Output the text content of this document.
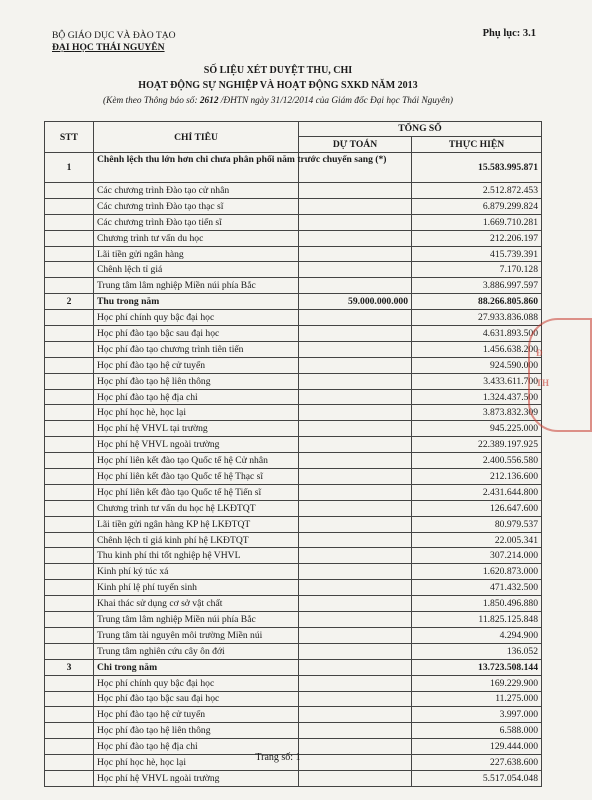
BỘ GIÁO DỤC VÀ ĐÀO TẠO
ĐẠI HỌC THÁI NGUYÊN
Phụ lục: 3.1
SỐ LIỆU XÉT DUYỆT THU, CHI
HOẠT ĐỘNG SỰ NGHIỆP VÀ HOẠT ĐỘNG SXKD NĂM 2013
(Kèm theo Thông báo số: 2612 /ĐHTN ngày 31/12/2014 của Giám đốc Đại học Thái Nguyên)
STT	CHỈ TIÊU	TỔNG SỐ	
		DỰ TOÁN	THỰC HIỆN
1	Chênh lệch thu lớn hơn chi chưa phân phối năm trước chuyển sang (*)		15.583.995.871
	Các chương trình Đào tạo cử nhân		2.512.872.453
	Các chương trình Đào tạo thạc sĩ		6.879.299.824
	Các chương trình Đào tạo tiến sĩ		1.669.710.281
	Chương trình tư vấn du học		212.206.197
	Lãi tiền gửi ngân hàng		415.739.391
	Chênh lệch tỉ giá		7.170.128
	Trung tâm lâm nghiệp Miền núi phía Bắc		3.886.997.597
2	Thu trong năm	59.000.000.000	88.266.805.860
	Học phí chính quy bậc đại học		27.933.836.088
	Học phí đào tạo bậc sau đại học		4.631.893.500
	Học phí đào tạo chương trình tiên tiến		1.456.638.200
	Học phí đào tạo hệ cử tuyển		924.590.000
	Học phí đào tạo hệ liên thông		3.433.611.700
	Học phí đào tạo hệ địa chỉ		1.324.437.500
	Học phí học hè, học lại		3.873.832.309
	Học phí hệ VHVL tại trường		945.225.000
	Học phí hệ VHVL ngoài trường		22.389.197.925
	Học phí liên kết đào tạo Quốc tế hệ Cử nhân		2.400.556.580
	Học phí liên kết đào tạo Quốc tế hệ Thạc sĩ		212.136.600
	Học phí liên kết đào tạo Quốc tế hệ Tiến sĩ		2.431.644.800
	Chương trình tư vấn du học hệ LKĐTQT		126.647.600
	Lãi tiền gửi ngân hàng KP hệ LKĐTQT		80.979.537
	Chênh lệch tỉ giá kinh phí hệ LKĐTQT		22.005.341
	Thu kinh phí thi tốt nghiệp hệ VHVL		307.214.000
	Kinh phí ký túc xá		1.620.873.000
	Kinh phí lệ phí tuyển sinh		471.432.500
	Khai thác sử dụng cơ sở vật chất		1.850.496.880
	Trung tâm lâm nghiệp Miền núi phía Bắc		11.825.125.848
	Trung tâm tài nguyên môi trường Miền núi		4.294.900
	Trung tâm nghiên cứu cây ôn đới		136.052
3	Chi trong năm		13.723.508.144
	Học phí chính quy bậc đại học		169.229.900
	Học phí đào tạo bậc sau đại học		11.275.000
	Học phí đào tạo hệ cử tuyển		3.997.000
	Học phí đào tạo hệ liên thông		6.588.000
	Học phí đào tạo hệ địa chỉ		129.444.000
	Học phí học hè, học lại		227.638.600
	Học phí hệ VHVL ngoài trường		5.517.054.048
Đ
TH
Trang số: 1
